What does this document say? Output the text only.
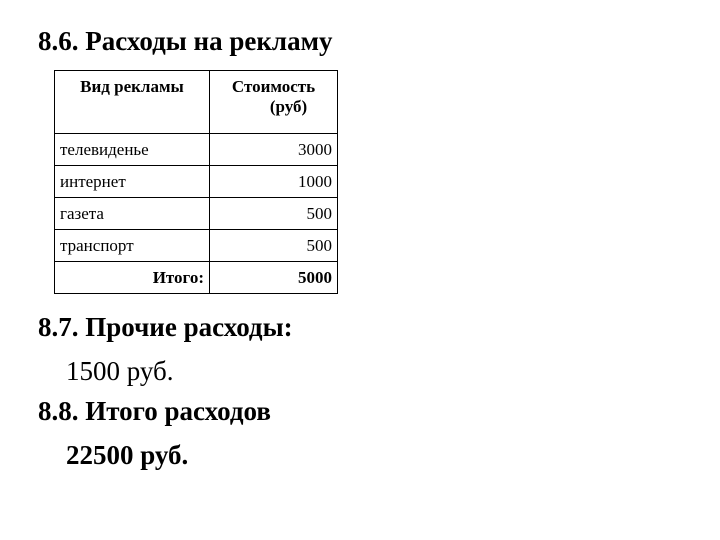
8.6. Расходы на рекламу
Вид рекламы	Стоимость
(руб)

телевиденье	3000
интернет	1000
газета	500
транспорт	500
Итого:	5000

8.7. Прочие расходы:

1500 руб.

8.8. Итого расходов

22500 руб.
